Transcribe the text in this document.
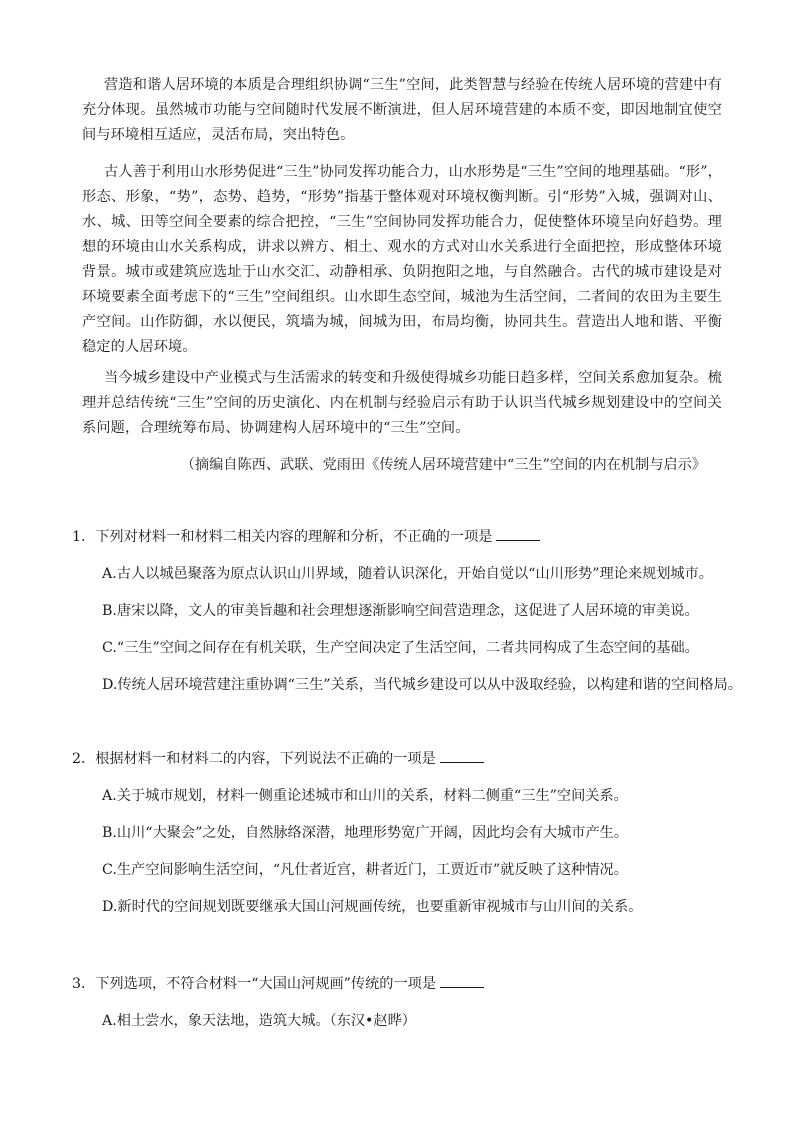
营造和谐人居环境的本质是合理组织协调“三生”空间，此类智慧与经验在传统人居环境的营建中有充分体现。虽然城市功能与空间随时代发展不断演进，但人居环境营建的本质不变，即因地制宜使空间与环境相互适应，灵活布局，突出特色。

古人善于利用山水形势促进“三生”协同发挥功能合力，山水形势是“三生”空间的地理基础。“形”，形态、形象，“势”，态势、趋势，“形势”指基于整体观对环境权衡判断。引“形势”入城，强调对山、水、城、田等空间全要素的综合把控，“三生”空间协同发挥功能合力，促使整体环境呈向好趋势。理想的环境由山水关系构成，讲求以辨方、相土、观水的方式对山水关系进行全面把控，形成整体环境背景。城市或建筑应选址于山水交汇、动静相承、负阴抱阳之地，与自然融合。古代的城市建设是对环境要素全面考虑下的“三生”空间组织。山水即生态空间，城池为生活空间，二者间的农田为主要生产空间。山作防御，水以便民，筑墙为城，间城为田，布局均衡，协同共生。营造出人地和谐、平衡稳定的人居环境。

当今城乡建设中产业模式与生活需求的转变和升级使得城乡功能日趋多样，空间关系愈加复杂。梳理并总结传统“三生”空间的历史演化、内在机制与经验启示有助于认识当代城乡规划建设中的空间关系问题，合理统筹布局、协调建构人居环境中的“三生”空间。

（摘编自陈西、武联、党雨田《传统人居环境营建中“三生”空间的内在机制与启示》

1．下列对材料一和材料二相关内容的理解和分析，不正确的一项是

A.古人以城邑聚落为原点认识山川界域，随着认识深化，开始自觉以“山川形势”理论来规划城市。

B.唐宋以降，文人的审美旨趣和社会理想逐渐影响空间营造理念，这促进了人居环境的审美说。

C.“三生”空间之间存在有机关联，生产空间决定了生活空间，二者共同构成了生态空间的基础。

D.传统人居环境营建注重协调“三生”关系，当代城乡建设可以从中汲取经验，以构建和谐的空间格局。

2．根据材料一和材料二的内容，下列说法不正确的一项是

A.关于城市规划，材料一侧重论述城市和山川的关系，材料二侧重“三生”空间关系。

B.山川“大聚会”之处，自然脉络深潜，地理形势宽广开阔，因此均会有大城市产生。

C.生产空间影响生活空间，“凡仕者近宫，耕者近门，工贾近市”就反映了这种情况。

D.新时代的空间规划既要继承大国山河规画传统，也要重新审视城市与山川间的关系。

3．下列选项，不符合材料一“大国山河规画”传统的一项是

A.相土尝水，象天法地，造筑大城。（东汉•赵晔）
